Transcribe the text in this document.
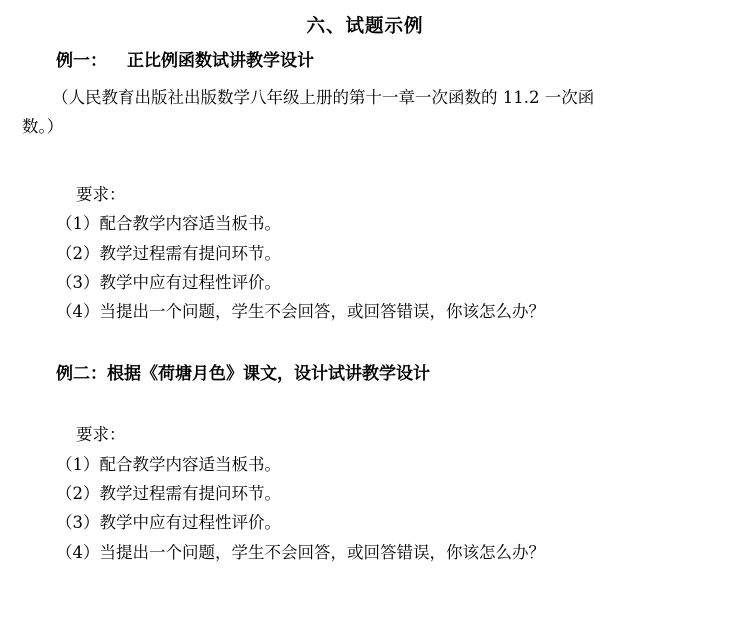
六、试题示例

例一： 正比例函数试讲教学设计

（人民教育出版社出版数学八年级上册的第十一章一次函数的 11.2 一次函

数。）

要求：

（1）配合教学内容适当板书。

（2）教学过程需有提问环节。

（3）教学中应有过程性评价。

（4）当提出一个问题，学生不会回答，或回答错误，你该怎么办？

例二：根据《荷塘月色》课文，设计试讲教学设计

要求：

（1）配合教学内容适当板书。

（2）教学过程需有提问环节。

（3）教学中应有过程性评价。

（4）当提出一个问题，学生不会回答，或回答错误，你该怎么办？
